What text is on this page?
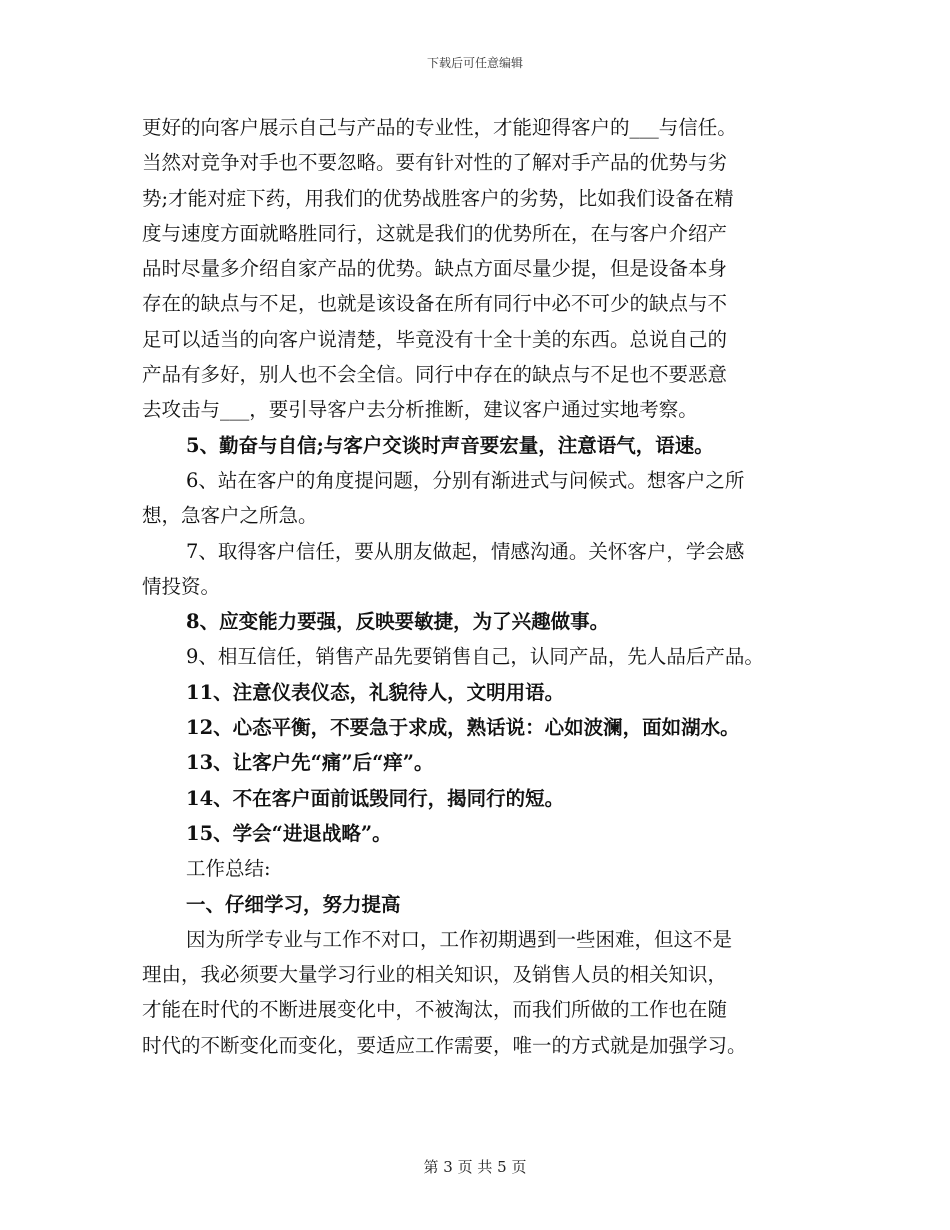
下载后可任意编辑
更好的向客户展示自己与产品的专业性，才能迎得客户的___与信任。
当然对竞争对手也不要忽略。要有针对性的了解对手产品的优势与劣
势;才能对症下药，用我们的优势战胜客户的劣势，比如我们设备在精
度与速度方面就略胜同行，这就是我们的优势所在，在与客户介绍产
品时尽量多介绍自家产品的优势。缺点方面尽量少提，但是设备本身
存在的缺点与不足，也就是该设备在所有同行中必不可少的缺点与不
足可以适当的向客户说清楚，毕竟没有十全十美的东西。总说自己的
产品有多好，别人也不会全信。同行中存在的缺点与不足也不要恶意
去攻击与___，要引导客户去分析推断，建议客户通过实地考察。
5、勤奋与自信;与客户交谈时声音要宏量，注意语气，语速。
6、站在客户的角度提问题，分别有渐进式与问候式。想客户之所
想，急客户之所急。
7、取得客户信任，要从朋友做起，情感沟通。关怀客户，学会感
情投资。
8、应变能力要强，反映要敏捷，为了兴趣做事。
9、相互信任，销售产品先要销售自己，认同产品，先人品后产品。
11、注意仪表仪态，礼貌待人，文明用语。
12、心态平衡，不要急于求成，熟话说：心如波澜，面如湖水。
13、让客户先“痛”后“痒”。
14、不在客户面前诋毁同行，揭同行的短。
15、学会“进退战略”。
工作总结:
一、仔细学习，努力提高
因为所学专业与工作不对口，工作初期遇到一些困难，但这不是
理由，我必须要大量学习行业的相关知识，及销售人员的相关知识，
才能在时代的不断进展变化中，不被淘汰，而我们所做的工作也在随
时代的不断变化而变化，要适应工作需要，唯一的方式就是加强学习。
第 3 页 共 5 页
